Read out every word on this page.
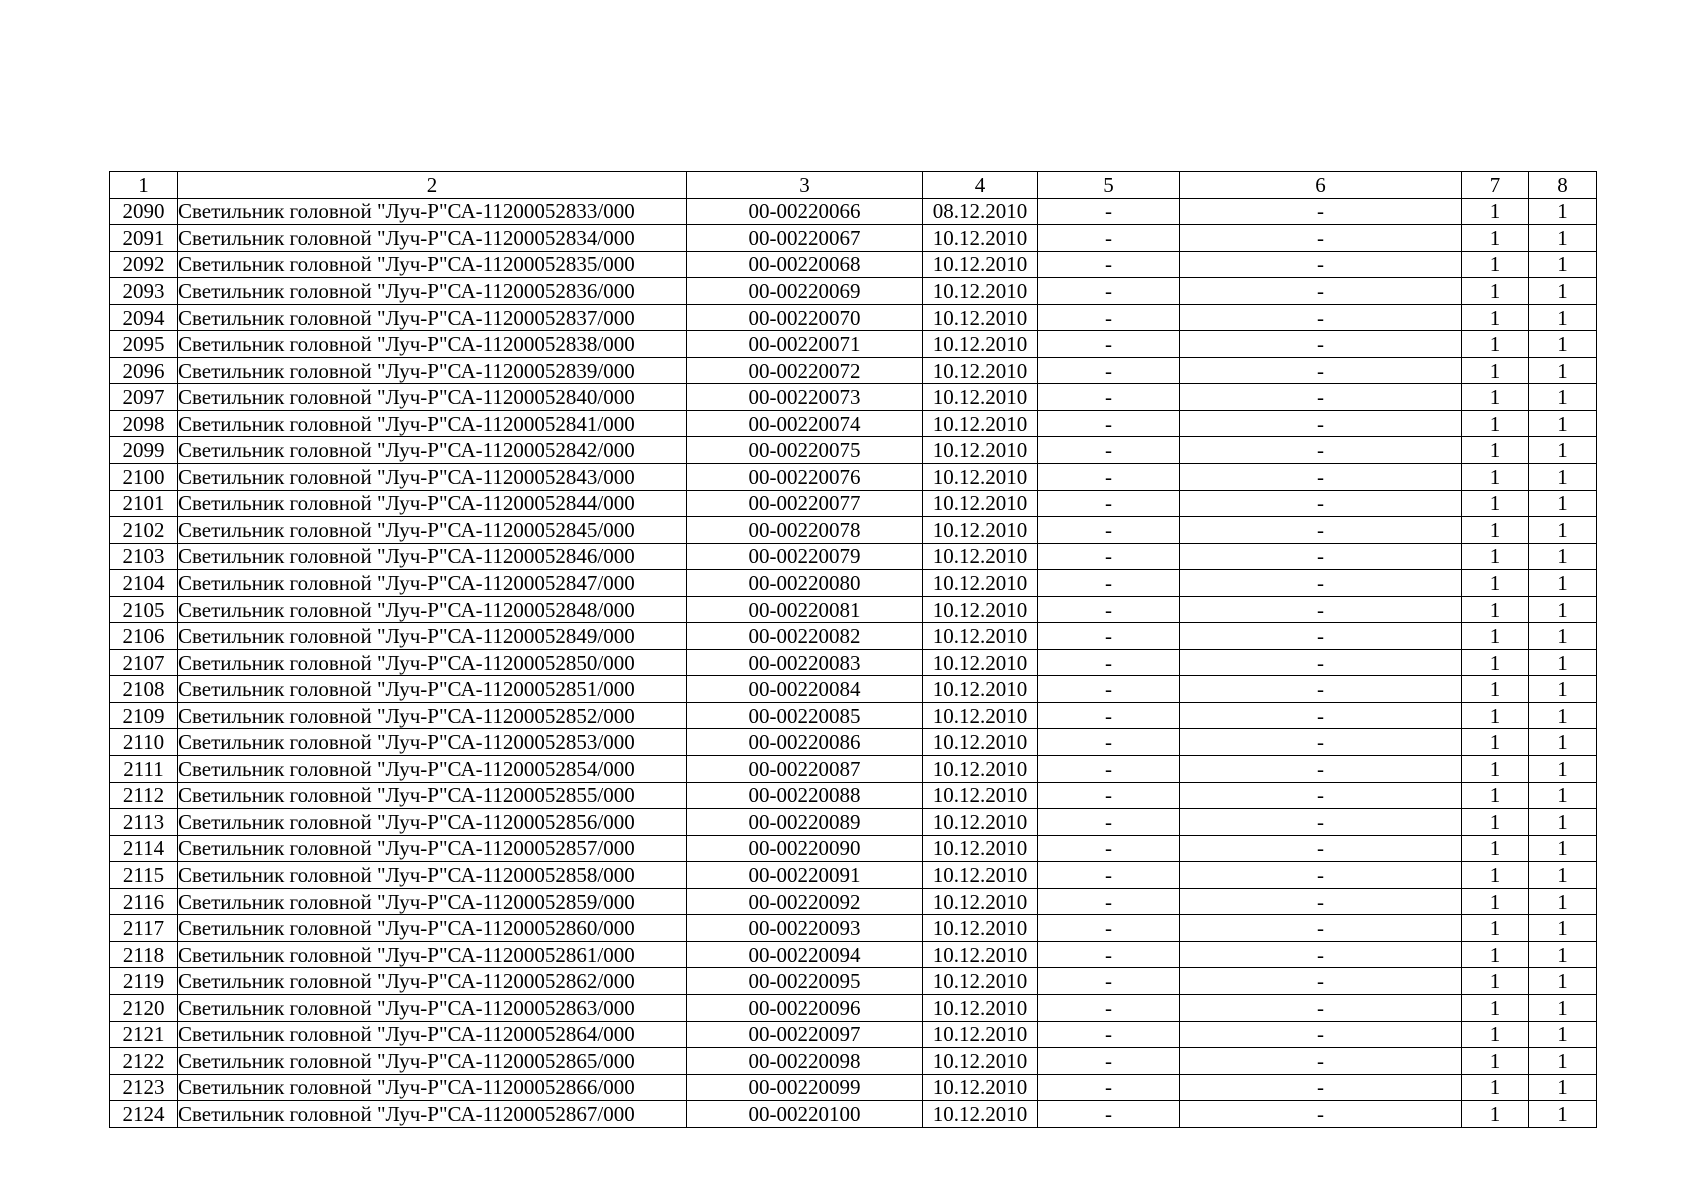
1	2	3	4	5	6	7	8
2090	Светильник головной "Луч-Р"СА-11200052833/000	00-00220066	08.12.2010	-	-	1	1
2091	Светильник головной "Луч-Р"СА-11200052834/000	00-00220067	10.12.2010	-	-	1	1
2092	Светильник головной "Луч-Р"СА-11200052835/000	00-00220068	10.12.2010	-	-	1	1
2093	Светильник головной "Луч-Р"СА-11200052836/000	00-00220069	10.12.2010	-	-	1	1
2094	Светильник головной "Луч-Р"СА-11200052837/000	00-00220070	10.12.2010	-	-	1	1
2095	Светильник головной "Луч-Р"СА-11200052838/000	00-00220071	10.12.2010	-	-	1	1
2096	Светильник головной "Луч-Р"СА-11200052839/000	00-00220072	10.12.2010	-	-	1	1
2097	Светильник головной "Луч-Р"СА-11200052840/000	00-00220073	10.12.2010	-	-	1	1
2098	Светильник головной "Луч-Р"СА-11200052841/000	00-00220074	10.12.2010	-	-	1	1
2099	Светильник головной "Луч-Р"СА-11200052842/000	00-00220075	10.12.2010	-	-	1	1
2100	Светильник головной "Луч-Р"СА-11200052843/000	00-00220076	10.12.2010	-	-	1	1
2101	Светильник головной "Луч-Р"СА-11200052844/000	00-00220077	10.12.2010	-	-	1	1
2102	Светильник головной "Луч-Р"СА-11200052845/000	00-00220078	10.12.2010	-	-	1	1
2103	Светильник головной "Луч-Р"СА-11200052846/000	00-00220079	10.12.2010	-	-	1	1
2104	Светильник головной "Луч-Р"СА-11200052847/000	00-00220080	10.12.2010	-	-	1	1
2105	Светильник головной "Луч-Р"СА-11200052848/000	00-00220081	10.12.2010	-	-	1	1
2106	Светильник головной "Луч-Р"СА-11200052849/000	00-00220082	10.12.2010	-	-	1	1
2107	Светильник головной "Луч-Р"СА-11200052850/000	00-00220083	10.12.2010	-	-	1	1
2108	Светильник головной "Луч-Р"СА-11200052851/000	00-00220084	10.12.2010	-	-	1	1
2109	Светильник головной "Луч-Р"СА-11200052852/000	00-00220085	10.12.2010	-	-	1	1
2110	Светильник головной "Луч-Р"СА-11200052853/000	00-00220086	10.12.2010	-	-	1	1
2111	Светильник головной "Луч-Р"СА-11200052854/000	00-00220087	10.12.2010	-	-	1	1
2112	Светильник головной "Луч-Р"СА-11200052855/000	00-00220088	10.12.2010	-	-	1	1
2113	Светильник головной "Луч-Р"СА-11200052856/000	00-00220089	10.12.2010	-	-	1	1
2114	Светильник головной "Луч-Р"СА-11200052857/000	00-00220090	10.12.2010	-	-	1	1
2115	Светильник головной "Луч-Р"СА-11200052858/000	00-00220091	10.12.2010	-	-	1	1
2116	Светильник головной "Луч-Р"СА-11200052859/000	00-00220092	10.12.2010	-	-	1	1
2117	Светильник головной "Луч-Р"СА-11200052860/000	00-00220093	10.12.2010	-	-	1	1
2118	Светильник головной "Луч-Р"СА-11200052861/000	00-00220094	10.12.2010	-	-	1	1
2119	Светильник головной "Луч-Р"СА-11200052862/000	00-00220095	10.12.2010	-	-	1	1
2120	Светильник головной "Луч-Р"СА-11200052863/000	00-00220096	10.12.2010	-	-	1	1
2121	Светильник головной "Луч-Р"СА-11200052864/000	00-00220097	10.12.2010	-	-	1	1
2122	Светильник головной "Луч-Р"СА-11200052865/000	00-00220098	10.12.2010	-	-	1	1
2123	Светильник головной "Луч-Р"СА-11200052866/000	00-00220099	10.12.2010	-	-	1	1
2124	Светильник головной "Луч-Р"СА-11200052867/000	00-00220100	10.12.2010	-	-	1	1
